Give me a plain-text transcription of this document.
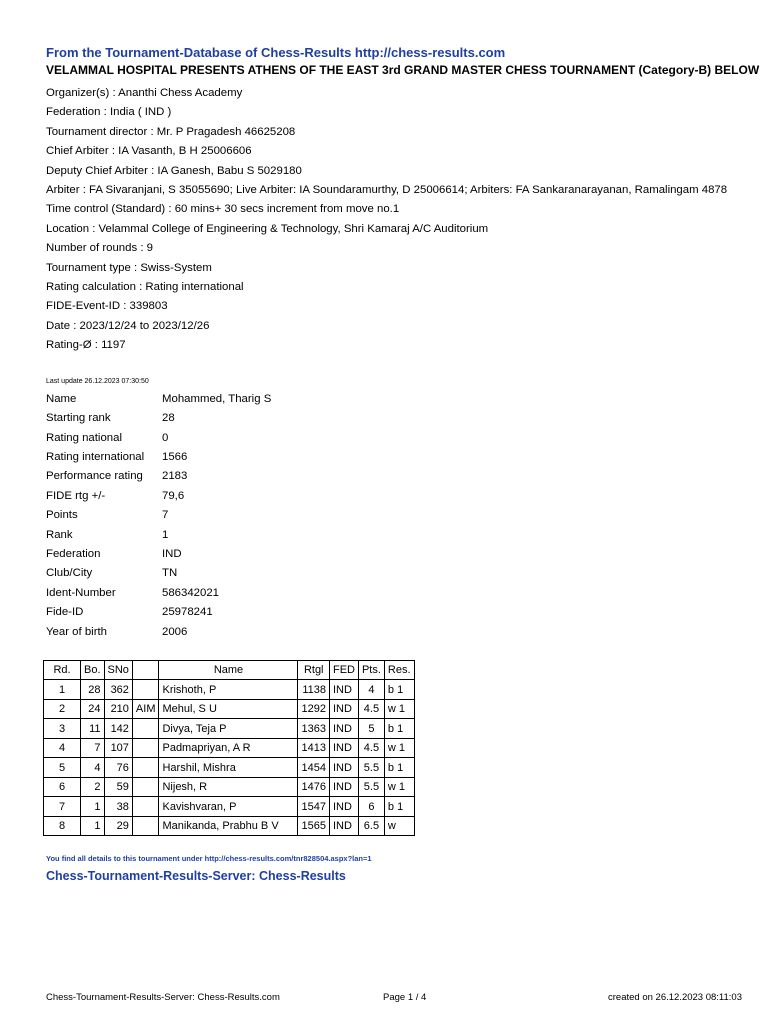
From the Tournament-Database of Chess-Results http://chess-results.com
VELAMMAL HOSPITAL PRESENTS ATHENS OF THE EAST 3rd GRAND MASTER CHESS TOURNAMENT (Category-B) BELOW
Organizer(s) : Ananthi Chess Academy
Federation : India ( IND )
Tournament director : Mr. P Pragadesh 46625208
Chief Arbiter : IA Vasanth, B H 25006606
Deputy Chief Arbiter : IA Ganesh, Babu S 5029180
Arbiter : FA Sivaranjani, S 35055690; Live Arbiter: IA Soundaramurthy, D 25006614; Arbiters: FA Sankaranarayanan, Ramalingam 4878
Time control (Standard) : 60 mins+ 30 secs increment from move no.1
Location : Velammal College of Engineering & Technology, Shri Kamaraj A/C Auditorium
Number of rounds : 9
Tournament type : Swiss-System
Rating calculation : Rating international
FIDE-Event-ID : 339803
Date : 2023/12/24 to 2023/12/26
Rating-Ø : 1197
Last update 26.12.2023 07:30:50
Name	Mohammed, Tharig S
Starting rank	28
Rating national	0
Rating international	1566
Performance rating	2183
FIDE rtg +/-	79,6
Points	7
Rank	1
Federation	IND
Club/City	TN
Ident-Number	586342021
Fide-ID	25978241
Year of birth	2006
Rd.	Bo.	SNo		Name	Rtgl	FED	Pts.	Res.
1	28	362		Krishoth, P	1138	IND	4	b 1
2	24	210	AIM	Mehul, S U	1292	IND	4.5	w 1
3	11	142		Divya, Teja P	1363	IND	5	b 1
4	7	107		Padmapriyan, A R	1413	IND	4.5	w 1
5	4	76		Harshil, Mishra	1454	IND	5.5	b 1
6	2	59		Nijesh, R	1476	IND	5.5	w 1
7	1	38		Kavishvaran, P	1547	IND	6	b 1
8	1	29		Manikanda, Prabhu B V	1565	IND	6.5	w
You find all details to this tournament under http://chess-results.com/tnr828504.aspx?lan=1
Chess-Tournament-Results-Server: Chess-Results
Chess-Tournament-Results-Server: Chess-Results.com	Page 1 / 4	created on 26.12.2023 08:11:03
